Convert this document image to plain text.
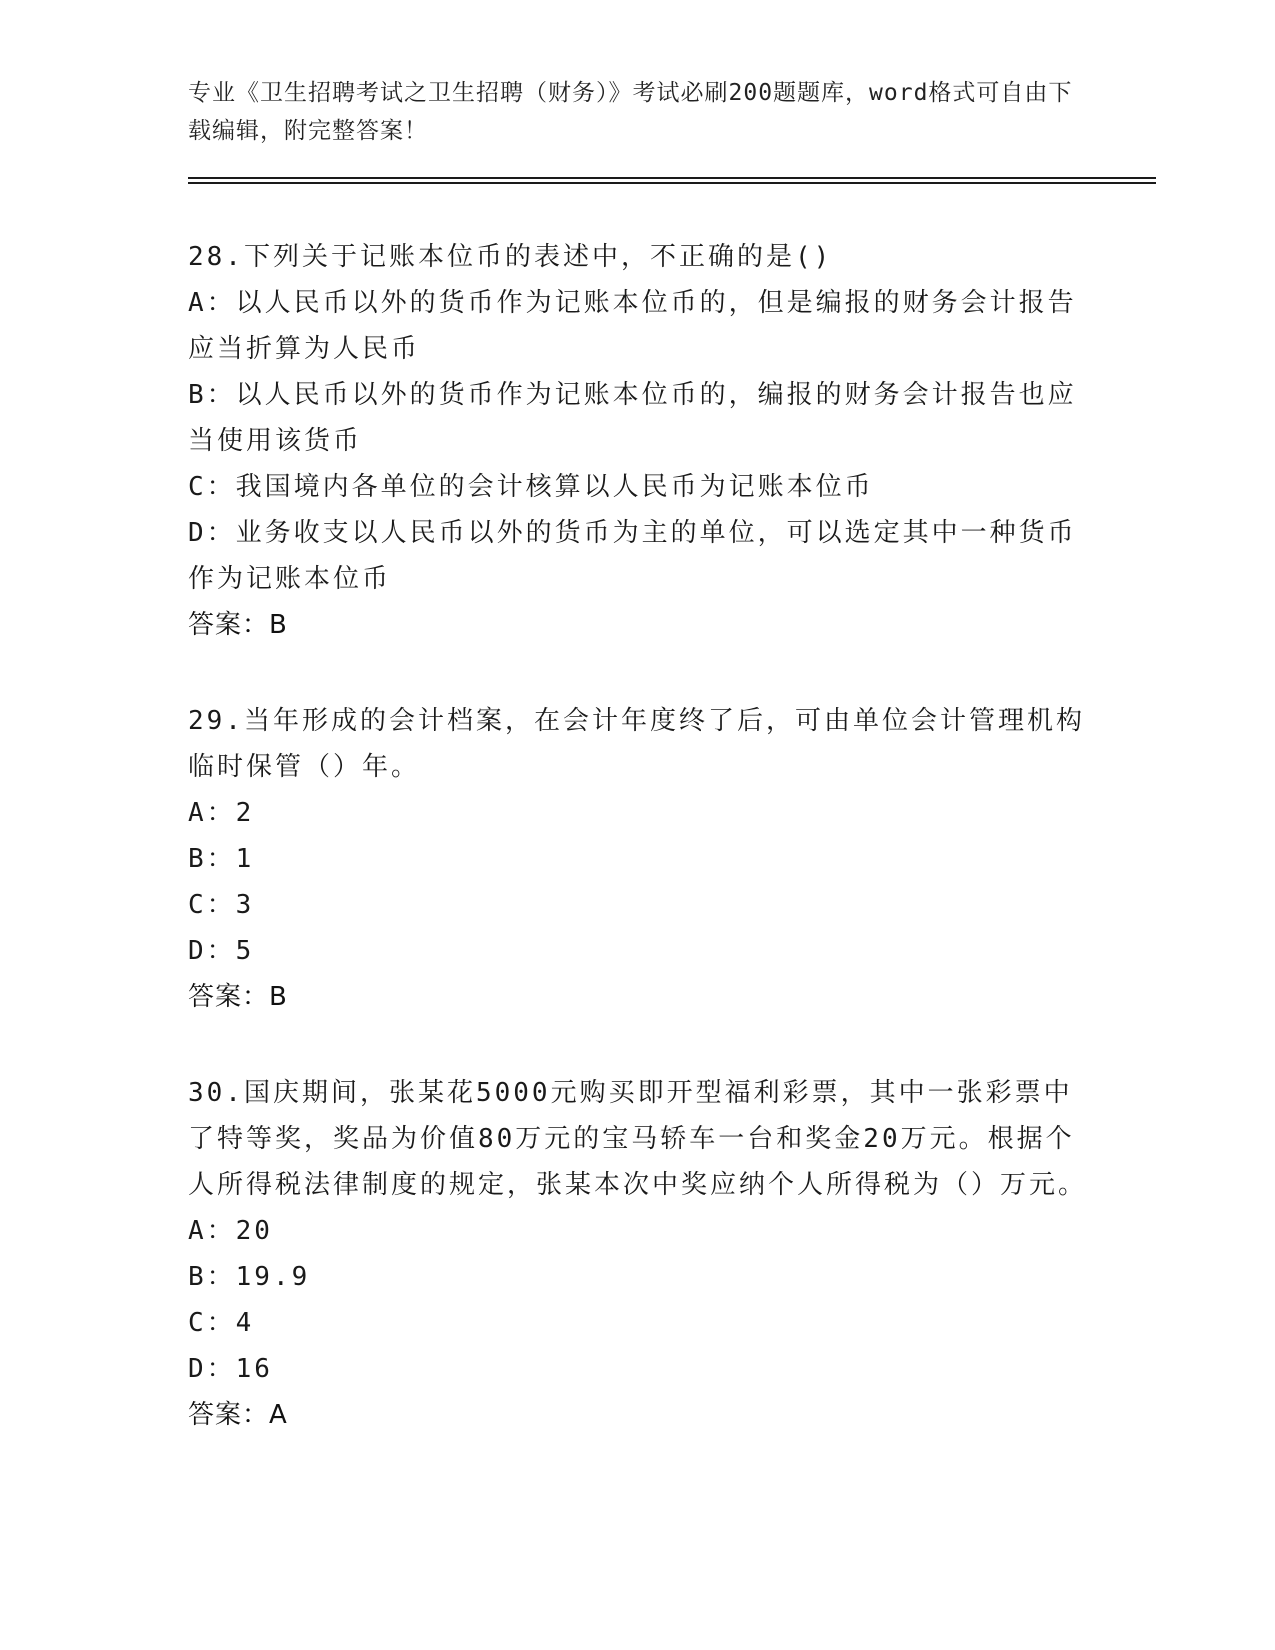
专业《卫生招聘考试之卫生招聘（财务）》考试必刷200题题库，word格式可自由下载编辑，附完整答案！

28.下列关于记账本位币的表述中，不正确的是()

A：以人民币以外的货币作为记账本位币的，但是编报的财务会计报告应当折算为人民币

B：以人民币以外的货币作为记账本位币的，编报的财务会计报告也应当使用该货币

C：我国境内各单位的会计核算以人民币为记账本位币

D：业务收支以人民币以外的货币为主的单位，可以选定其中一种货币作为记账本位币

答案：B

29.当年形成的会计档案，在会计年度终了后，可由单位会计管理机构临时保管（）年。

A：2

B：1

C：3

D：5

答案：B

30.国庆期间，张某花5000元购买即开型福利彩票，其中一张彩票中了特等奖，奖品为价值80万元的宝马轿车一台和奖金20万元。根据个人所得税法律制度的规定，张某本次中奖应纳个人所得税为（）万元。

A：20

B：19.9

C：4

D：16

答案：A
